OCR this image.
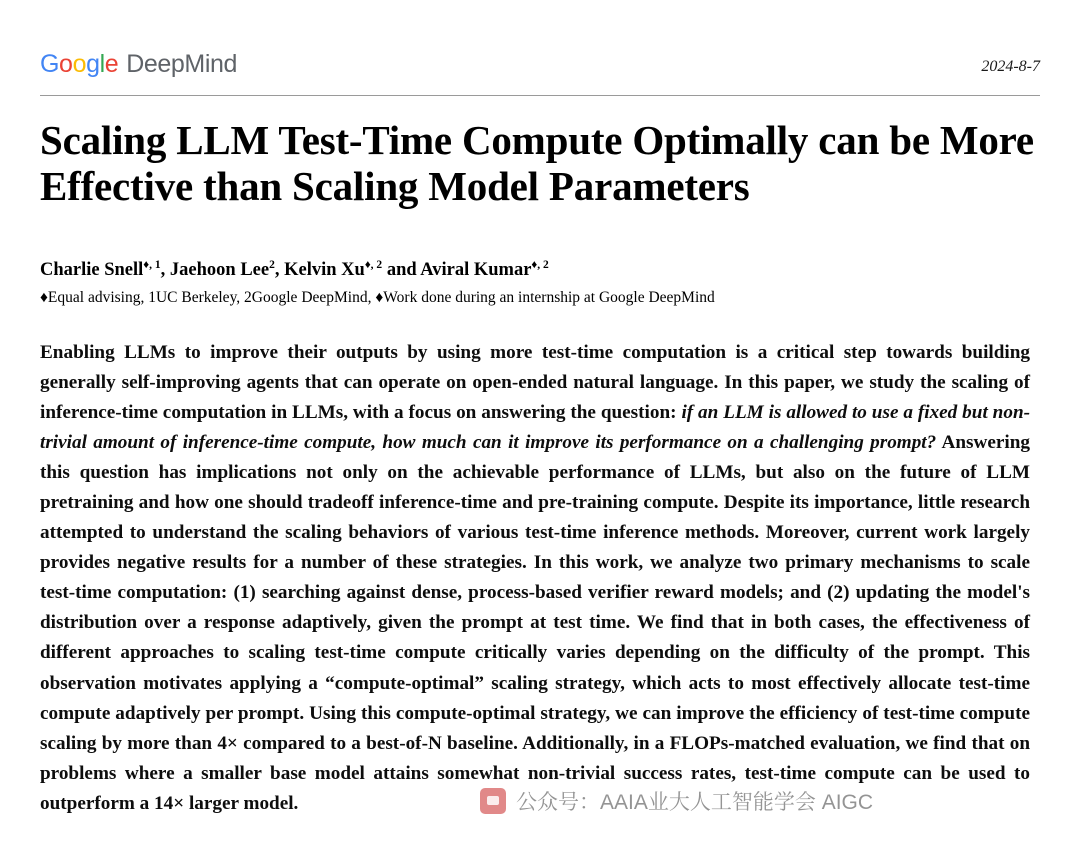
Google DeepMind	2024-8-7
Scaling LLM Test-Time Compute Optimally can be More Effective than Scaling Model Parameters
Charlie Snell$^{♦, 1}$, Jaehoon Lee$^2$, Kelvin $Xu^{♦, 2}$ and Aviral Kumar$^{♦, 2}$
♦Equal advising, 1UC Berkeley, 2Google DeepMind, ♦Work done during an internship at Google DeepMind
Enabling LLMs to improve their outputs by using more test-time computation is a critical step towards building generally self-improving agents that can operate on open-ended natural language. In this paper, we study the scaling of inference-time computation in LLMs, with a focus on answering the question: if an LLM is allowed to use a fixed but non-trivial amount of inference-time compute, how much can it improve its performance on a challenging prompt? Answering this question has implications not only on the achievable performance of LLMs, but also on the future of LLM pretraining and how one should tradeoff inference-time and pre-training compute. Despite its importance, little research attempted to understand the scaling behaviors of various test-time inference methods. Moreover, current work largely provides negative results for a number of these strategies. In this work, we analyze two primary mechanisms to scale test-time computation: (1) searching against dense, process-based verifier reward models; and (2) updating the model's distribution over a response adaptively, given the prompt at test time. We find that in both cases, the effectiveness of different approaches to scaling test-time compute critically varies depending on the difficulty of the prompt. This observation motivates applying a “compute-optimal” scaling strategy, which acts to most effectively allocate test-time compute adaptively per prompt. Using this compute-optimal strategy, we can improve the efficiency of test-time compute scaling by more than 4× compared to a best-of-N baseline. Additionally, in a FLOPs-matched evaluation, we find that on problems where a smaller base model attains somewhat non-trivial success rates, test-time compute can be used to outperform a 14× larger model.	公众号：AAIA业大人工智能学会 AIGC
